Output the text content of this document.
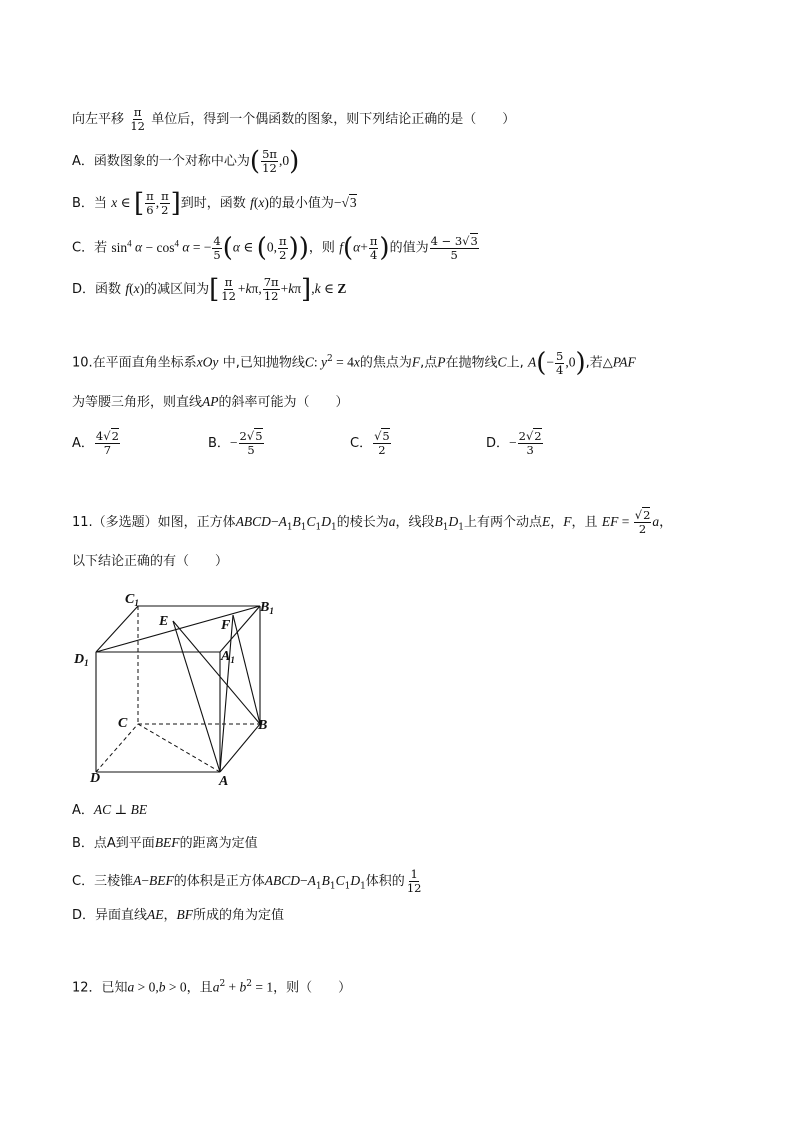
向左平移 $\frac{\pi}{12}$ 单位后，得到一个偶函数的图象，则下列结论正确的是（　　）
A．函数图象的一个对称中心为( $\frac{5\pi}{12} ,0$)
B．当 x ∈ [ $\frac{\pi}{6}$ , $\frac{\pi}{2}$ ]到时，函数 f(x)的最小值为−√3
C．若 $\sin^4 \alpha - \cos^4 \alpha$ = − $\frac{4}{5} (\alpha$ ∈ (0, $\frac{\pi}{2}$ ))，则 $f(\alpha+ \frac{\pi}{4}$ )的值为 $\frac{4 - 3√3}{5}$
D．函数 f(x)的减区间为[ $\frac{\pi}{12} +k\pi$, $\frac{7\pi}{12} +k\pi],k$ ∈ Z
10.在平面直角坐标系xOy 中,已知抛物线C: $y^2 = 4x$的焦点为F,点P在抛物线C上, $A(- \frac{5}{4} ,0)$,若△PAF
为等腰三角形，则直线AP的斜率可能为（　　）
A． $\frac{4√2}{7}$	B．− $\frac{2√5}{5}$	C． $\frac{√5}{2}$	D．− $\frac{2√2}{3}$
11.（多选题）如图，正方体$ABCD-A_1B_1C_1D_1$的棱长为a，线段$B_1D_1$上有两个动点E，F，且 EF = $\frac{√2}{2}$ a，
以下结论正确的有（　　）
$C_1$	$B_1$
E	F
$D_1$	$A_1$
C	B
D	A
A．AC ⊥ BE
B．点A到平面BEF的距离为定值
C．三棱锥A−BEF的体积是正方体$ABCD-A_1B_1C_1D_1$体积的 $\frac{1}{12}$
D．异面直线AE，BF所成的角为定值
12．已知a > 0,b > 0，且$a^2 + b^2 = 1$，则（　　）
